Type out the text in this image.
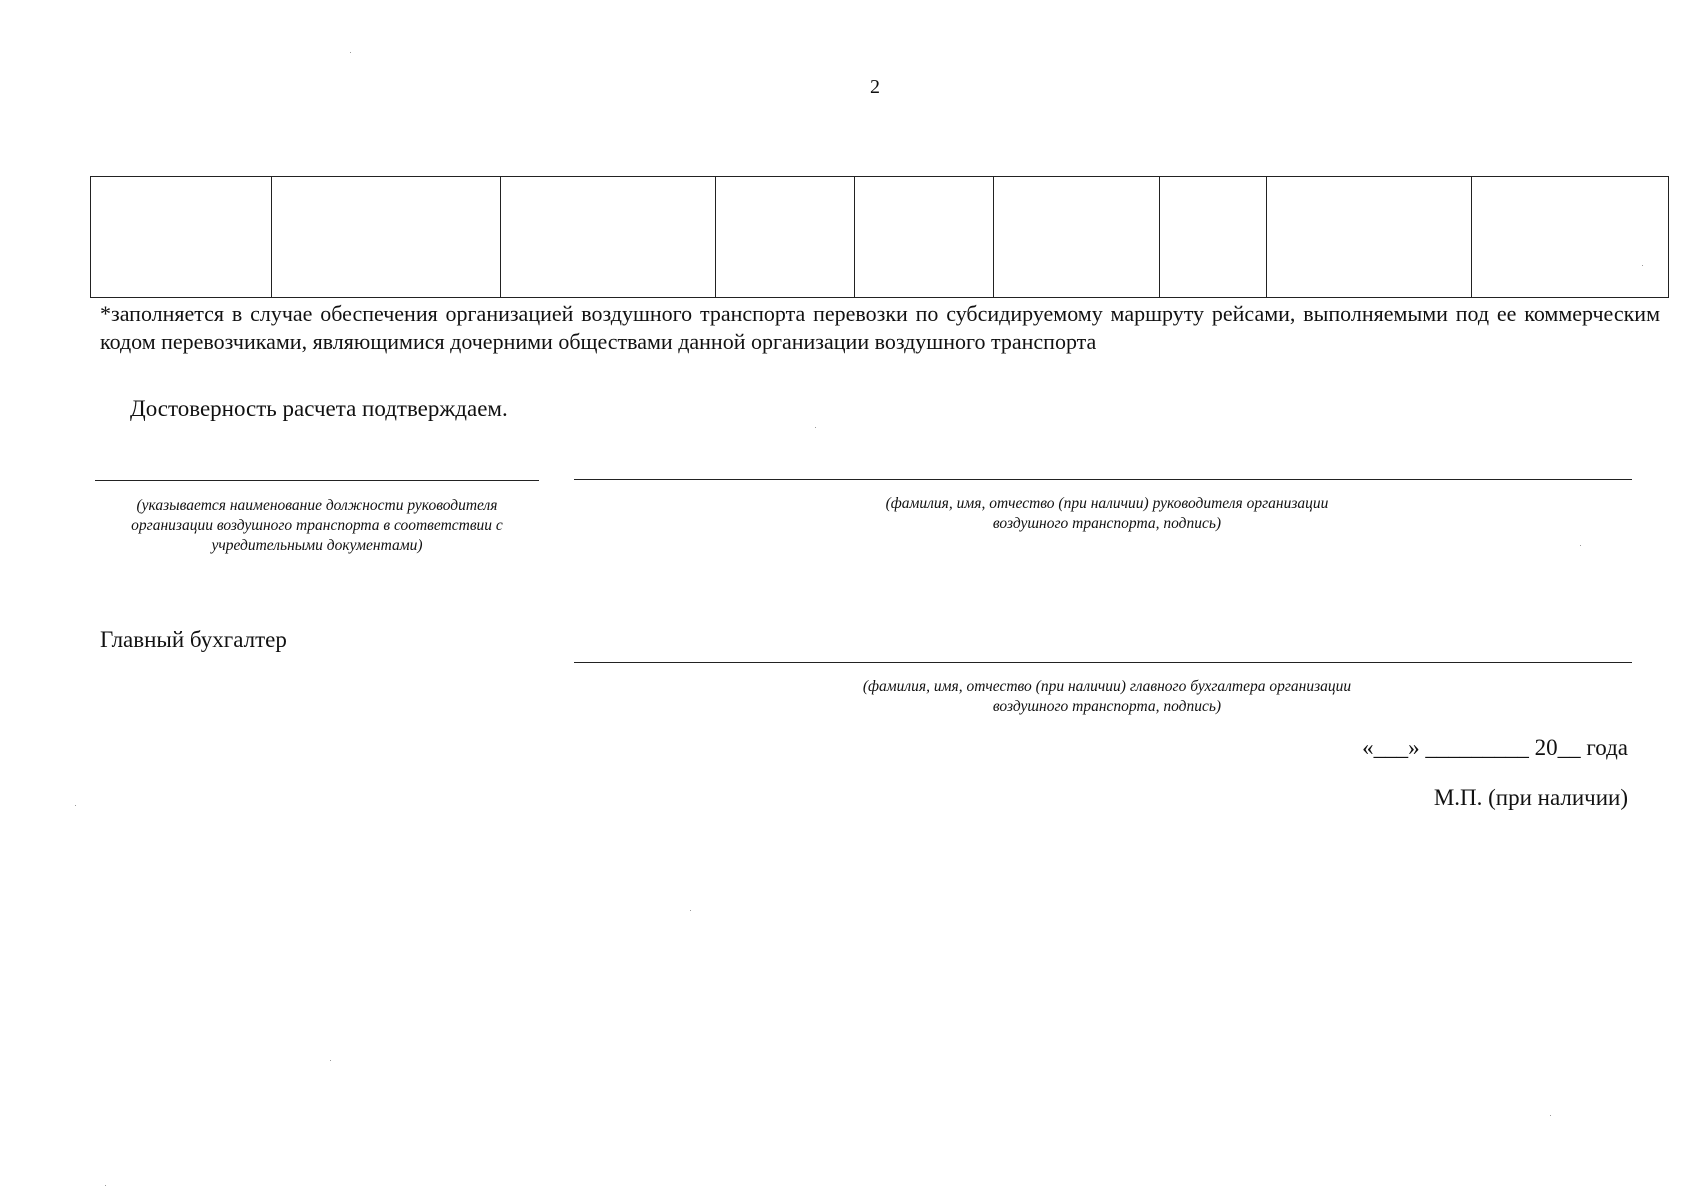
2

*заполняется в случае обеспечения организацией воздушного транспорта перевозки по субсидируемому маршруту рейсами, выполняемыми под ее коммерческим кодом перевозчиками, являющимися дочерними обществами данной организации воздушного транспорта
Достоверность расчета подтверждаем.
(указывается наименование должности руководителя организации воздушного транспорта в соответствии с учредительными документами)
(фамилия, имя, отчество (при наличии) руководителя организации воздушного транспорта, подпись)
Главный бухгалтер
(фамилия, имя, отчество (при наличии) главного бухгалтера организации воздушного транспорта, подпись)
«___» _________ 20__ года
М.П. (при наличии)
